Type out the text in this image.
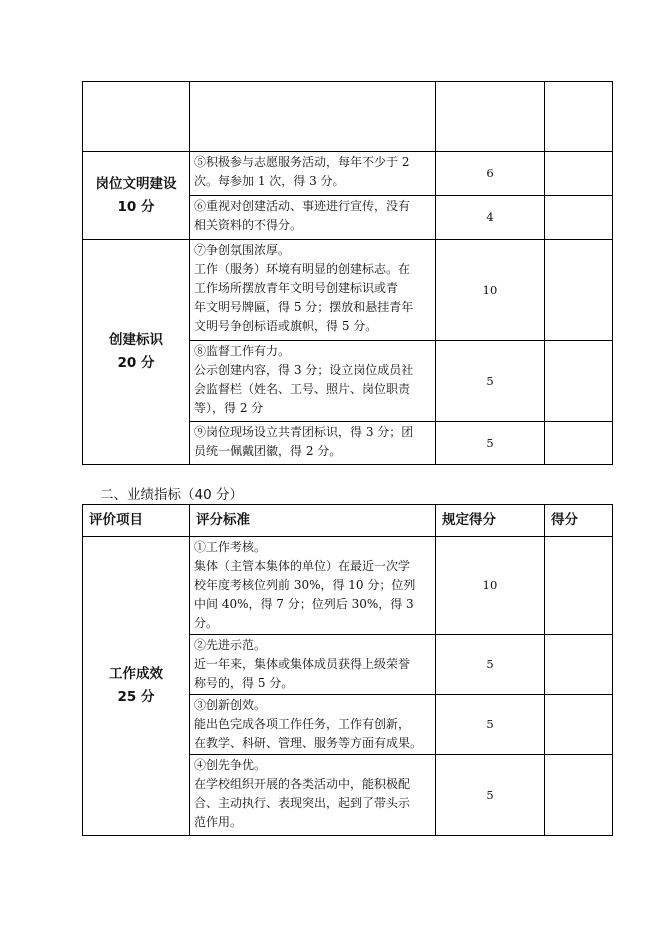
岗位文明建设
10 分	⑤积极参与志愿服务活动，每年不少于 2
次。每参加 1 次，得 3 分。	6	

	⑥重视对创建活动、事迹进行宣传，没有
相关资料的不得分。	4	

创建标识
20 分	⑦争创氛围浓厚。
工作（服务）环境有明显的创建标志。在
工作场所摆放青年文明号创建标识或青
年文明号牌匾，得 5 分；摆放和悬挂青年
文明号争创标语或旗帜，得 5 分。	10	

	⑧监督工作有力。
公示创建内容，得 3 分；设立岗位成员社
会监督栏（姓名、工号、照片、岗位职责
等），得 2 分	5	

	⑨岗位现场设立共青团标识，得 3 分；团
员统一佩戴团徽，得 2 分。	5	
二、业绩指标（40 分）
评价项目	评分标准	规定得分	得分

工作成效
25 分	①工作考核。
集体（主管本集体的单位）在最近一次学
校年度考核位列前 30%，得 10 分；位列
中间 40%，得 7 分；位列后 30%，得 3 分。	10	

	②先进示范。
近一年来，集体或集体成员获得上级荣誉
称号的，得 5 分。	5	

	③创新创效。
能出色完成各项工作任务，工作有创新，
在教学、科研、管理、服务等方面有成果。	5	

	④创先争优。
在学校组织开展的各类活动中，能积极配
合、主动执行、表现突出，起到了带头示
范作用。	5	
